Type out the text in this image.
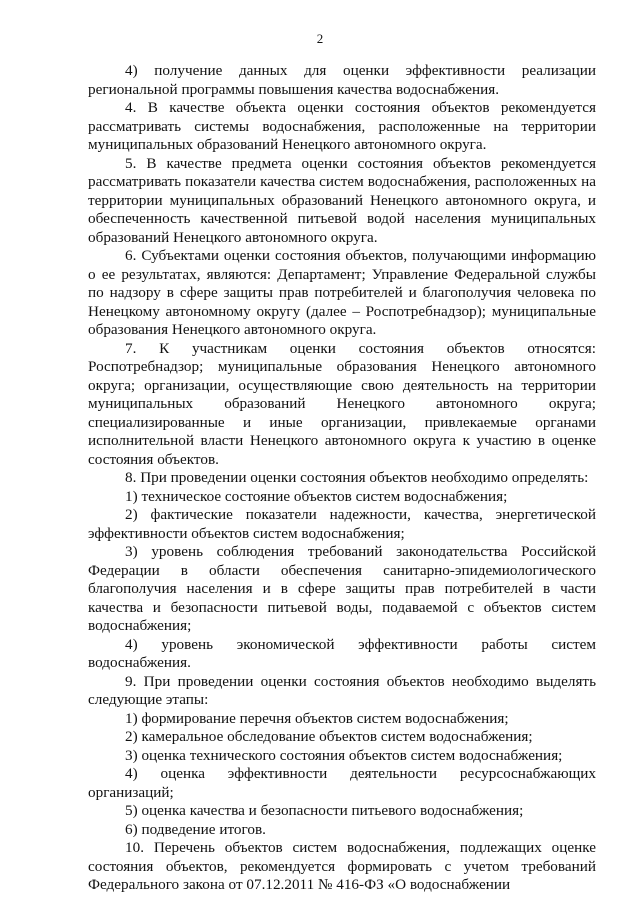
2

4) получение данных для оценки эффективности реализации региональной программы повышения качества водоснабжения.

4. В качестве объекта оценки состояния объектов рекомендуется рассматривать системы водоснабжения, расположенные на территории муниципальных образований Ненецкого автономного округа.

5. В качестве предмета оценки состояния объектов рекомендуется рассматривать показатели качества систем водоснабжения, расположенных на территории муниципальных образований Ненецкого автономного округа, и обеспеченность качественной питьевой водой населения муниципальных образований Ненецкого автономного округа.

6. Субъектами оценки состояния объектов, получающими информацию о ее результатах, являются: Департамент; Управление Федеральной службы по надзору в сфере защиты прав потребителей и благополучия человека по Ненецкому автономному округу (далее – Роспотребнадзор); муниципальные образования Ненецкого автономного округа.

7. К участникам оценки состояния объектов относятся: Роспотребнадзор; муниципальные образования Ненецкого автономного округа; организации, осуществляющие свою деятельность на территории муниципальных образований Ненецкого автономного округа; специализированные и иные организации, привлекаемые органами исполнительной власти Ненецкого автономного округа к участию в оценке состояния объектов.

8. При проведении оценки состояния объектов необходимо определять:

1) техническое состояние объектов систем водоснабжения;

2) фактические показатели надежности, качества, энергетической эффективности объектов систем водоснабжения;

3) уровень соблюдения требований законодательства Российской Федерации в области обеспечения санитарно-эпидемиологического благополучия населения и в сфере защиты прав потребителей в части качества и безопасности питьевой воды, подаваемой с объектов систем водоснабжения;

4) уровень экономической эффективности работы систем водоснабжения.

9. При проведении оценки состояния объектов необходимо выделять следующие этапы:

1) формирование перечня объектов систем водоснабжения;

2) камеральное обследование объектов систем водоснабжения;

3) оценка технического состояния объектов систем водоснабжения;

4) оценка эффективности деятельности ресурсоснабжающих организаций;

5) оценка качества и безопасности питьевого водоснабжения;

6) подведение итогов.

10. Перечень объектов систем водоснабжения, подлежащих оценке состояния объектов, рекомендуется формировать с учетом требований Федерального закона от 07.12.2011 № 416-ФЗ «О водоснабжении
